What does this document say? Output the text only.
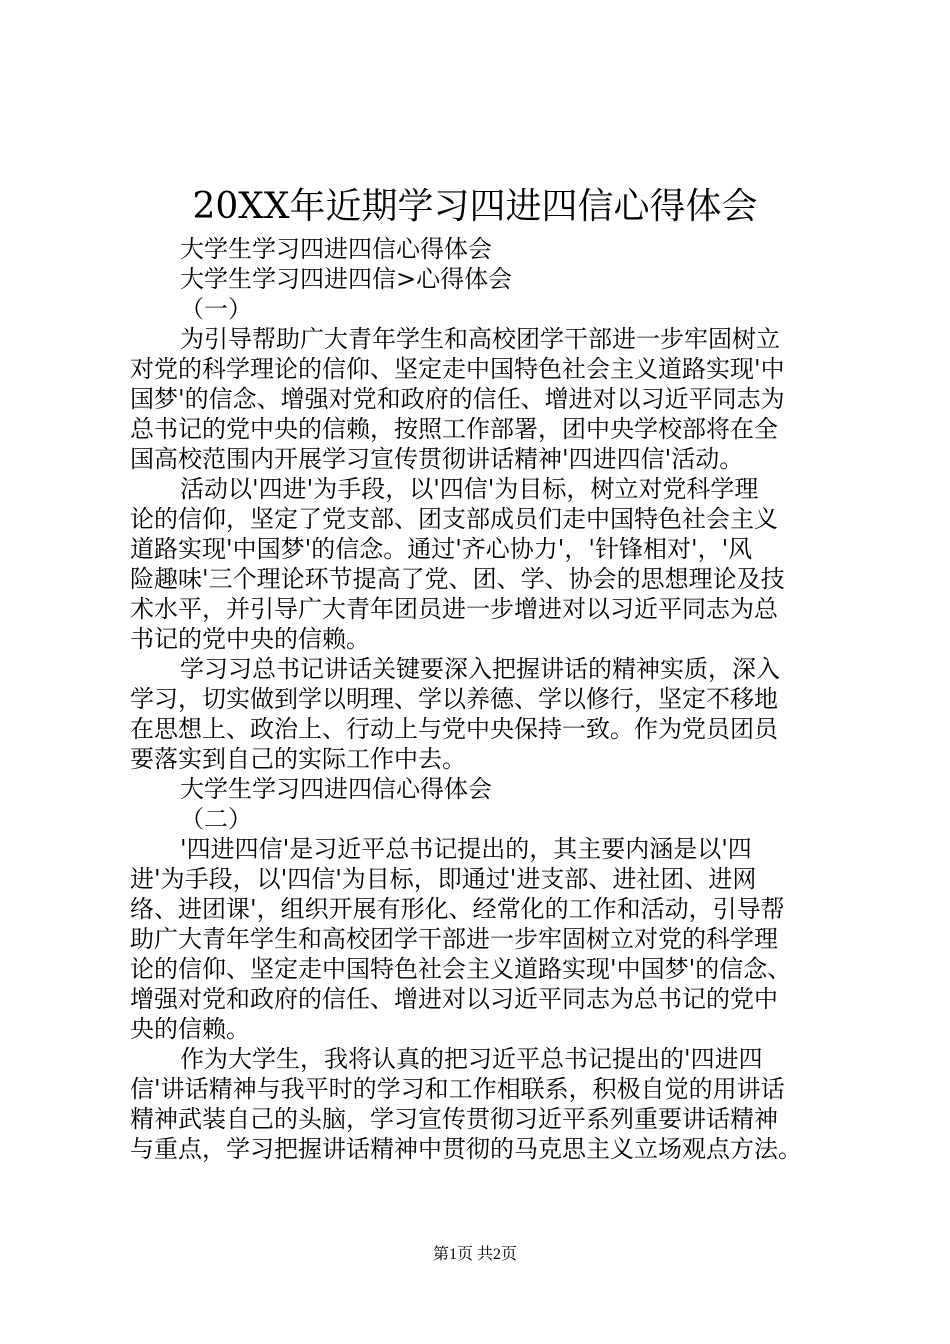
20XX年近期学习四进四信心得体会
大学生学习四进四信心得体会
大学生学习四进四信>心得体会
（一）
为引导帮助广大青年学生和高校团学干部进一步牢固树立
对党的科学理论的信仰、坚定走中国特色社会主义道路实现'中
国梦'的信念、增强对党和政府的信任、增进对以习近平同志为
总书记的党中央的信赖，按照工作部署，团中央学校部将在全
国高校范围内开展学习宣传贯彻讲话精神'四进四信'活动。
活动以'四进'为手段，以'四信'为目标，树立对党科学理
论的信仰，坚定了党支部、团支部成员们走中国特色社会主义
道路实现'中国梦'的信念。通过'齐心协力'，'针锋相对'，'风
险趣味'三个理论环节提高了党、团、学、协会的思想理论及技
术水平，并引导广大青年团员进一步增进对以习近平同志为总
书记的党中央的信赖。
学习习总书记讲话关键要深入把握讲话的精神实质，深入
学习，切实做到学以明理、学以养德、学以修行，坚定不移地
在思想上、政治上、行动上与党中央保持一致。作为党员团员
要落实到自己的实际工作中去。
大学生学习四进四信心得体会
（二）
'四进四信'是习近平总书记提出的，其主要内涵是以'四
进'为手段，以'四信'为目标，即通过'进支部、进社团、进网
络、进团课'，组织开展有形化、经常化的工作和活动，引导帮
助广大青年学生和高校团学干部进一步牢固树立对党的科学理
论的信仰、坚定走中国特色社会主义道路实现'中国梦'的信念、
增强对党和政府的信任、增进对以习近平同志为总书记的党中
央的信赖。
作为大学生，我将认真的把习近平总书记提出的'四进四
信'讲话精神与我平时的学习和工作相联系，积极自觉的用讲话
精神武装自己的头脑，学习宣传贯彻习近平系列重要讲话精神
与重点，学习把握讲话精神中贯彻的马克思主义立场观点方法。
第1页 共2页
